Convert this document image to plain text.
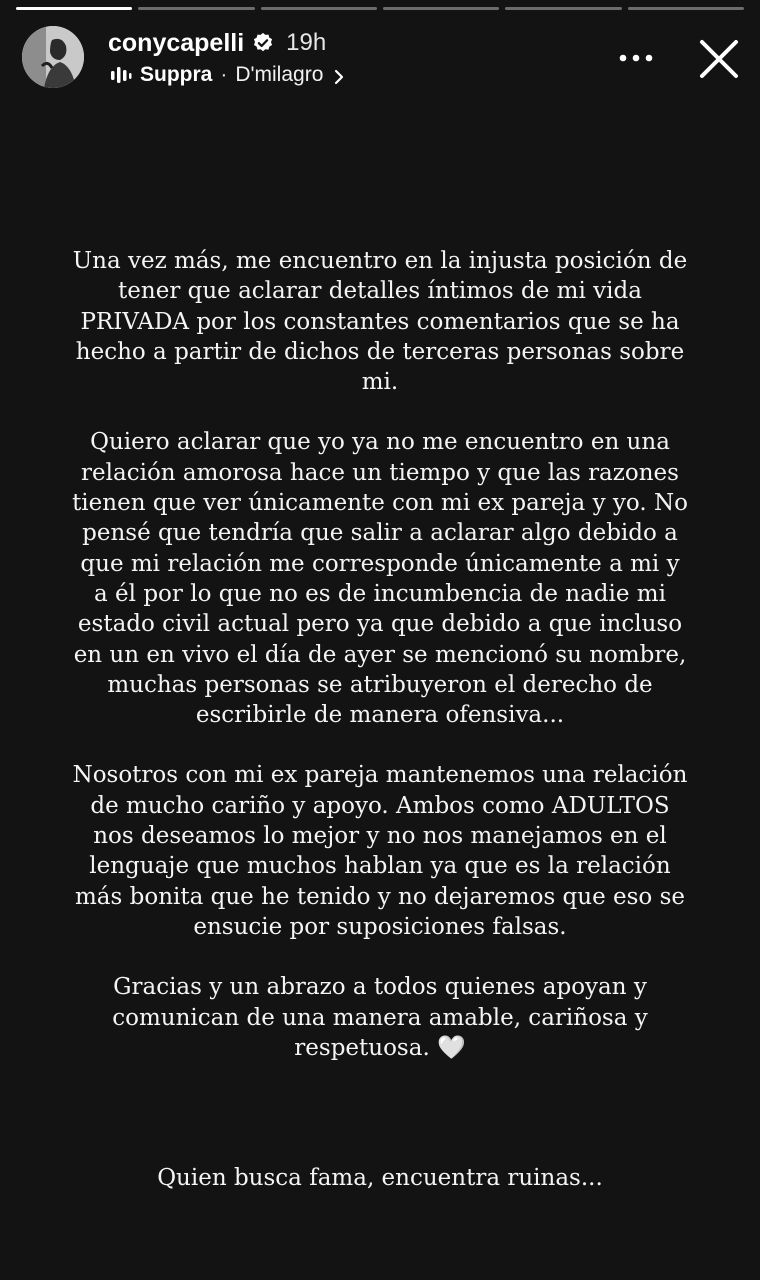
conycapelli 19h
Suppra · D'milagro

Una vez más, me encuentro en la injusta posición de tener que aclarar detalles íntimos de mi vida PRIVADA por los constantes comentarios que se ha hecho a partir de dichos de terceras personas sobre mi.

Quiero aclarar que yo ya no me encuentro en una relación amorosa hace un tiempo y que las razones tienen que ver únicamente con mi ex pareja y yo. No pensé que tendría que salir a aclarar algo debido a que mi relación me corresponde únicamente a mi y a él por lo que no es de incumbencia de nadie mi estado civil actual pero ya que debido a que incluso en un en vivo el día de ayer se mencionó su nombre, muchas personas se atribuyeron el derecho de escribirle de manera ofensiva...

Nosotros con mi ex pareja mantenemos una relación de mucho cariño y apoyo. Ambos como ADULTOS nos deseamos lo mejor y no nos manejamos en el lenguaje que muchos hablan ya que es la relación más bonita que he tenido y no dejaremos que eso se ensucie por suposiciones falsas.

Gracias y un abrazo a todos quienes apoyan y comunican de una manera amable, cariñosa y respetuosa. 🤍

Quien busca fama, encuentra ruinas...
